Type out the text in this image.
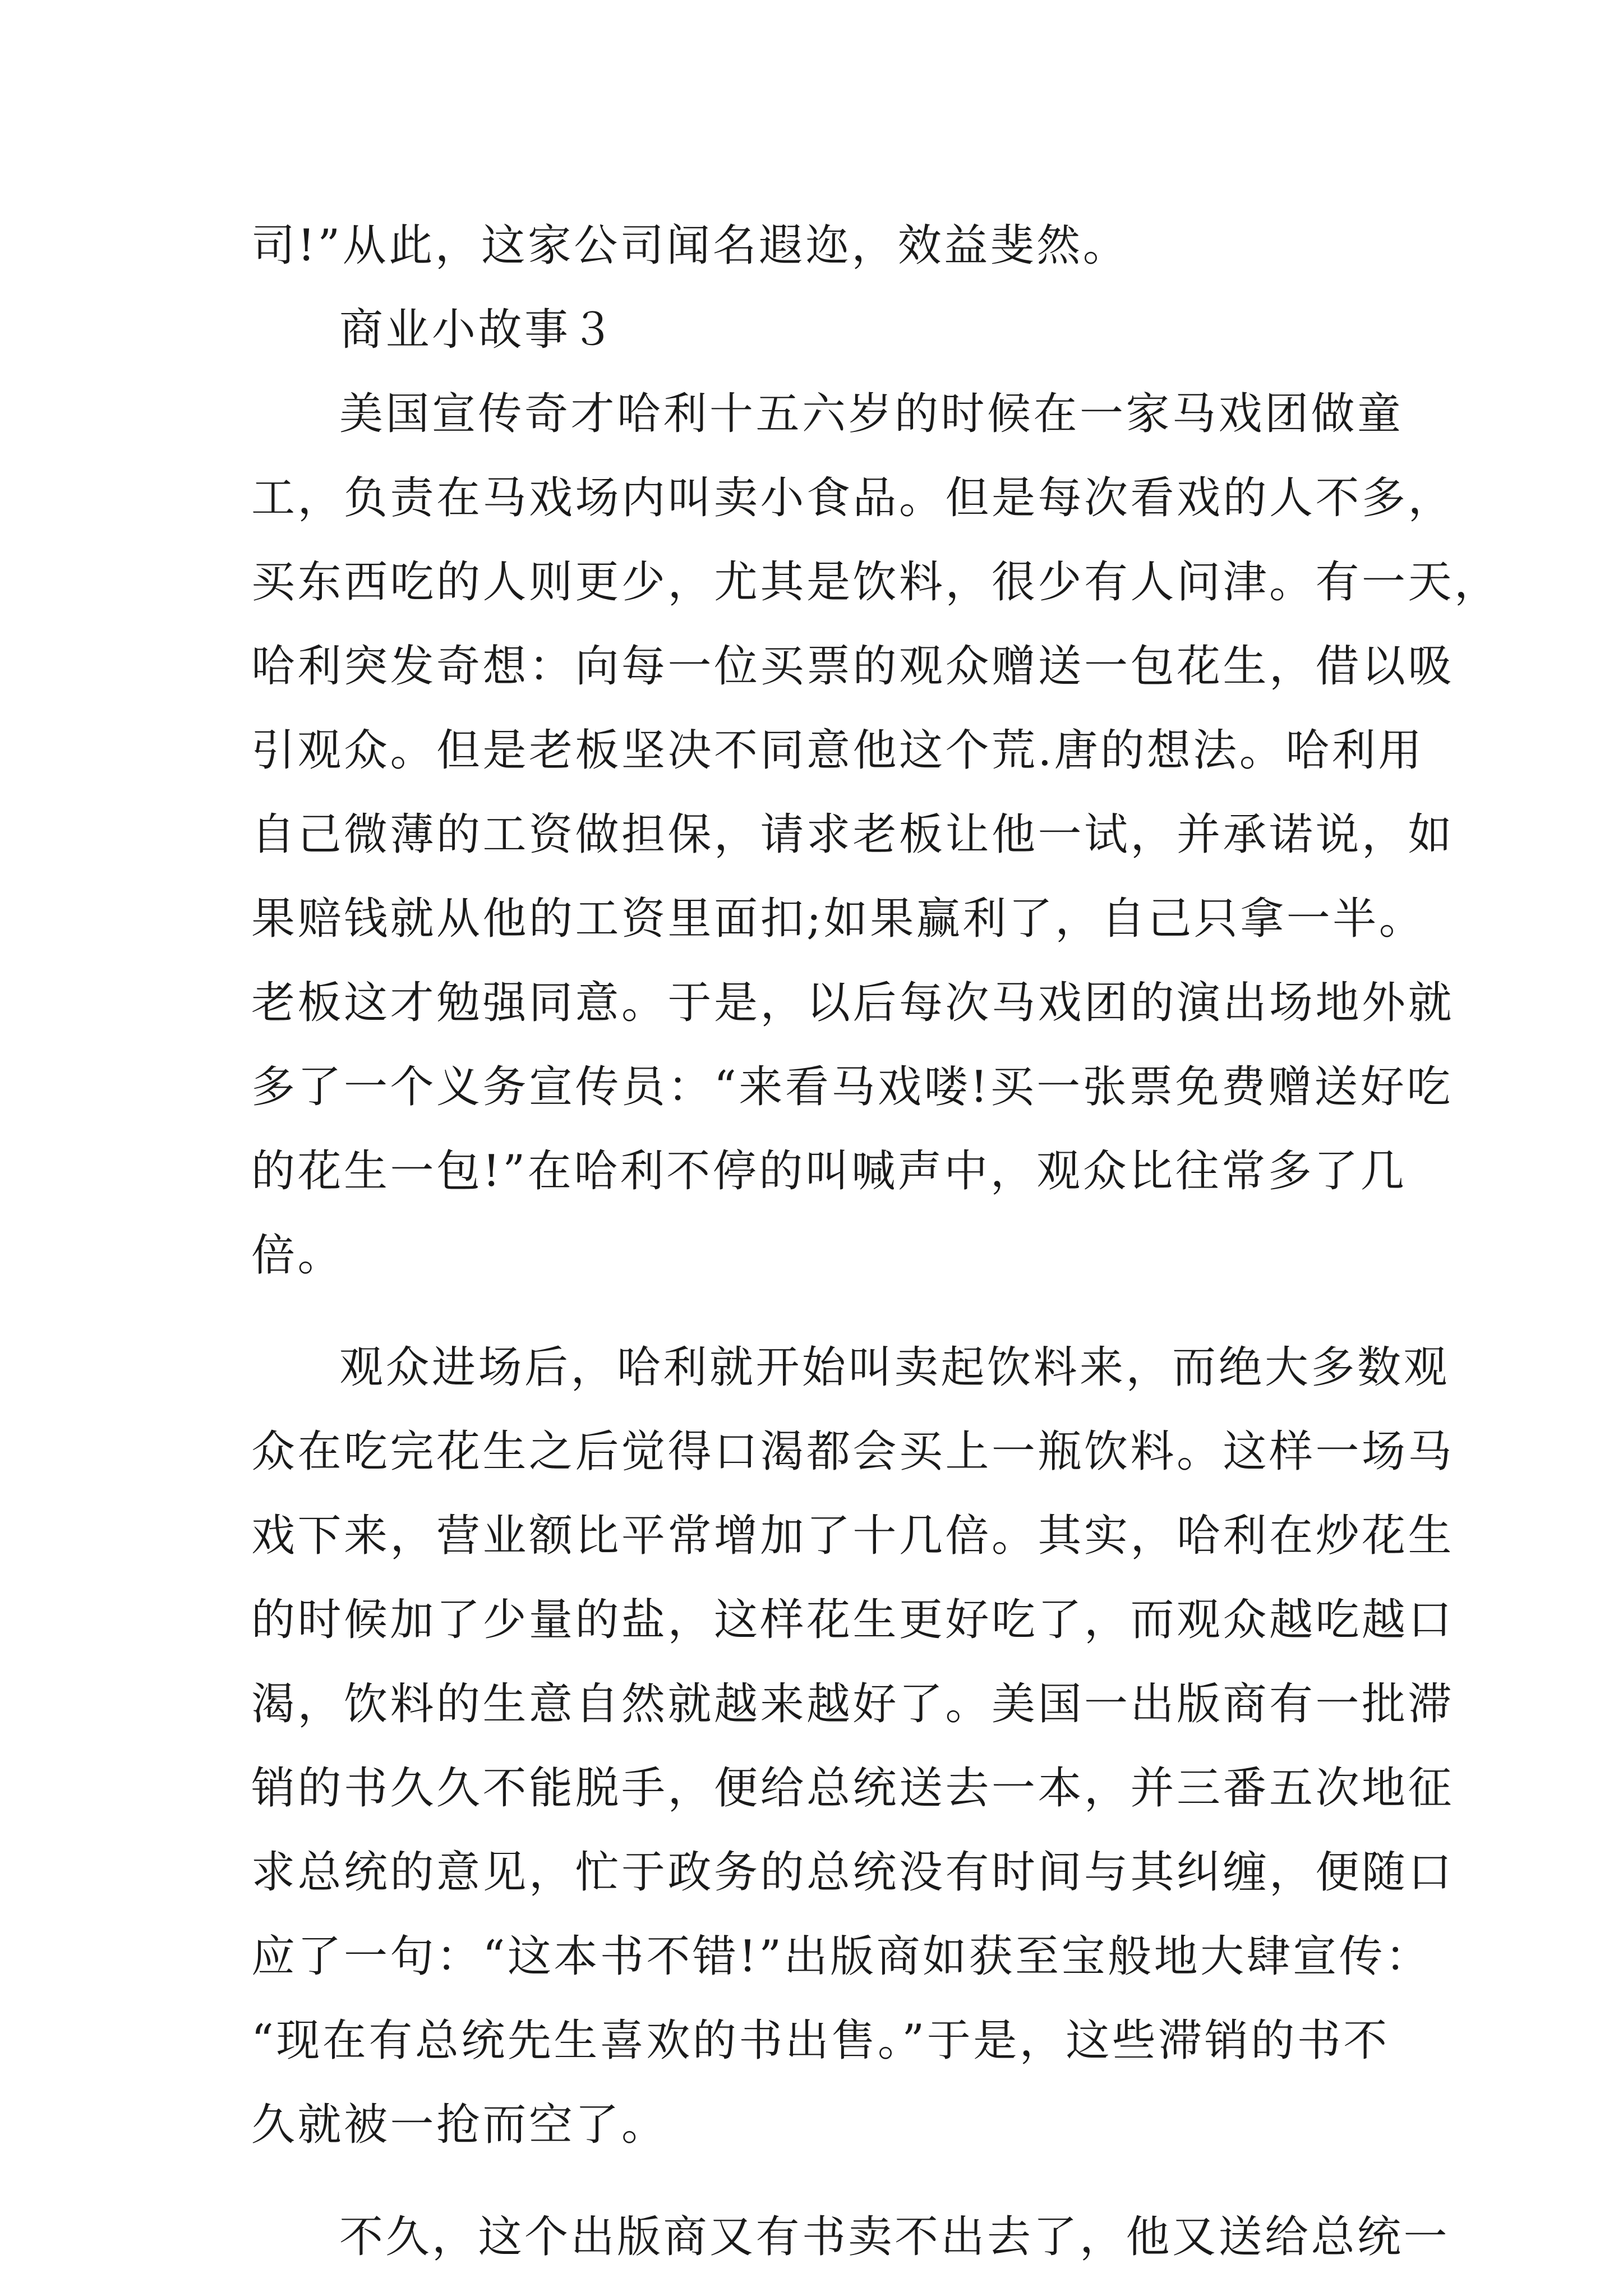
司!”从此，这家公司闻名遐迩，效益斐然。
商业小故事３
美国宣传奇才哈利十五六岁的时候在一家马戏团做童
工，负责在马戏场内叫卖小食品。但是每次看戏的人不多，
买东西吃的人则更少，尤其是饮料，很少有人问津。有一天，
哈利突发奇想：向每一位买票的观众赠送一包花生，借以吸
引观众。但是老板坚决不同意他这个荒.唐的想法。哈利用
自己微薄的工资做担保，请求老板让他一试，并承诺说，如
果赔钱就从他的工资里面扣;如果赢利了，自己只拿一半。
老板这才勉强同意。于是，以后每次马戏团的演出场地外就
多了一个义务宣传员：“来看马戏喽!买一张票免费赠送好吃
的花生一包!”在哈利不停的叫喊声中，观众比往常多了几
倍。
观众进场后，哈利就开始叫卖起饮料来，而绝大多数观
众在吃完花生之后觉得口渴都会买上一瓶饮料。这样一场马
戏下来，营业额比平常增加了十几倍。其实，哈利在炒花生
的时候加了少量的盐，这样花生更好吃了，而观众越吃越口
渴，饮料的生意自然就越来越好了。美国一出版商有一批滞
销的书久久不能脱手，便给总统送去一本，并三番五次地征
求总统的意见，忙于政务的总统没有时间与其纠缠，便随口
应了一句：“这本书不错!”出版商如获至宝般地大肆宣传：
“现在有总统先生喜欢的书出售。”于是，这些滞销的书不
久就被一抢而空了。
不久，这个出版商又有书卖不出去了，他又送给总统一
